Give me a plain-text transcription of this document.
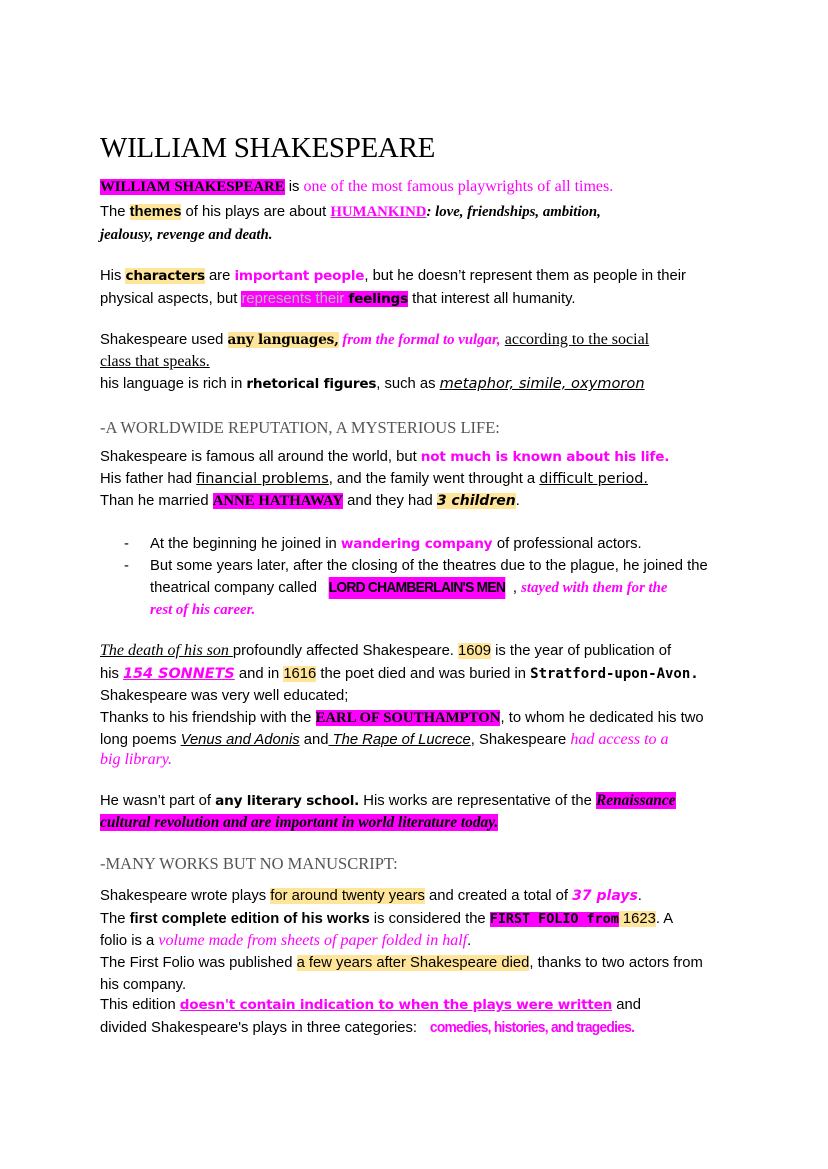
WILLIAM SHAKESPEARE
WILLIAM SHAKESPEARE is one of the most famous playwrights of all times.
The themes of his plays are about HUMANKIND: love, friendships, ambition,
jealousy, revenge and death.
His characters are important people, but he doesn’t represent them as people in their
physical aspects, but represents their feelings that interest all humanity.
Shakespeare used any languages, from the formal to vulgar, according to the social
class that speaks.
his language is rich in rhetorical figures, such as metaphor, simile, oxymoron
-A WORLDWIDE REPUTATION, A MYSTERIOUS LIFE:
Shakespeare is famous all around the world, but not much is known about his life.
His father had financial problems, and the family went throught a difficult period.
Than he married ANNE HATHAWAY and they had 3 children.
- At the beginning he joined in wandering company of professional actors.
- But some years later, after the closing of the theatres due to the plague, he joined the
theatrical company called LORD CHAMBERLAIN'S MEN , stayed with them for the
rest of his career.
The death of his son profoundly affected Shakespeare. 1609 is the year of publication of
his 154 SONNETS and in 1616 the poet died and was buried in Stratford-upon-Avon.
Shakespeare was very well educated;
Thanks to his friendship with the EARL OF SOUTHAMPTON, to whom he dedicated his two
long poems Venus and Adonis and The Rape of Lucrece, Shakespeare had access to a
big library.
He wasn’t part of any literary school. His works are representative of the Renaissance
cultural revolution and are important in world literature today.
-MANY WORKS BUT NO MANUSCRIPT:
Shakespeare wrote plays for around twenty years and created a total of 37 plays.
The first complete edition of his works is considered the FIRST FOLIO from 1623. A
folio is a volume made from sheets of paper folded in half.
The First Folio was published a few years after Shakespeare died, thanks to two actors from
his company.
This edition doesn't contain indication to when the plays were written and
divided Shakespeare's plays in three categories: comedies, histories, and tragedies.
